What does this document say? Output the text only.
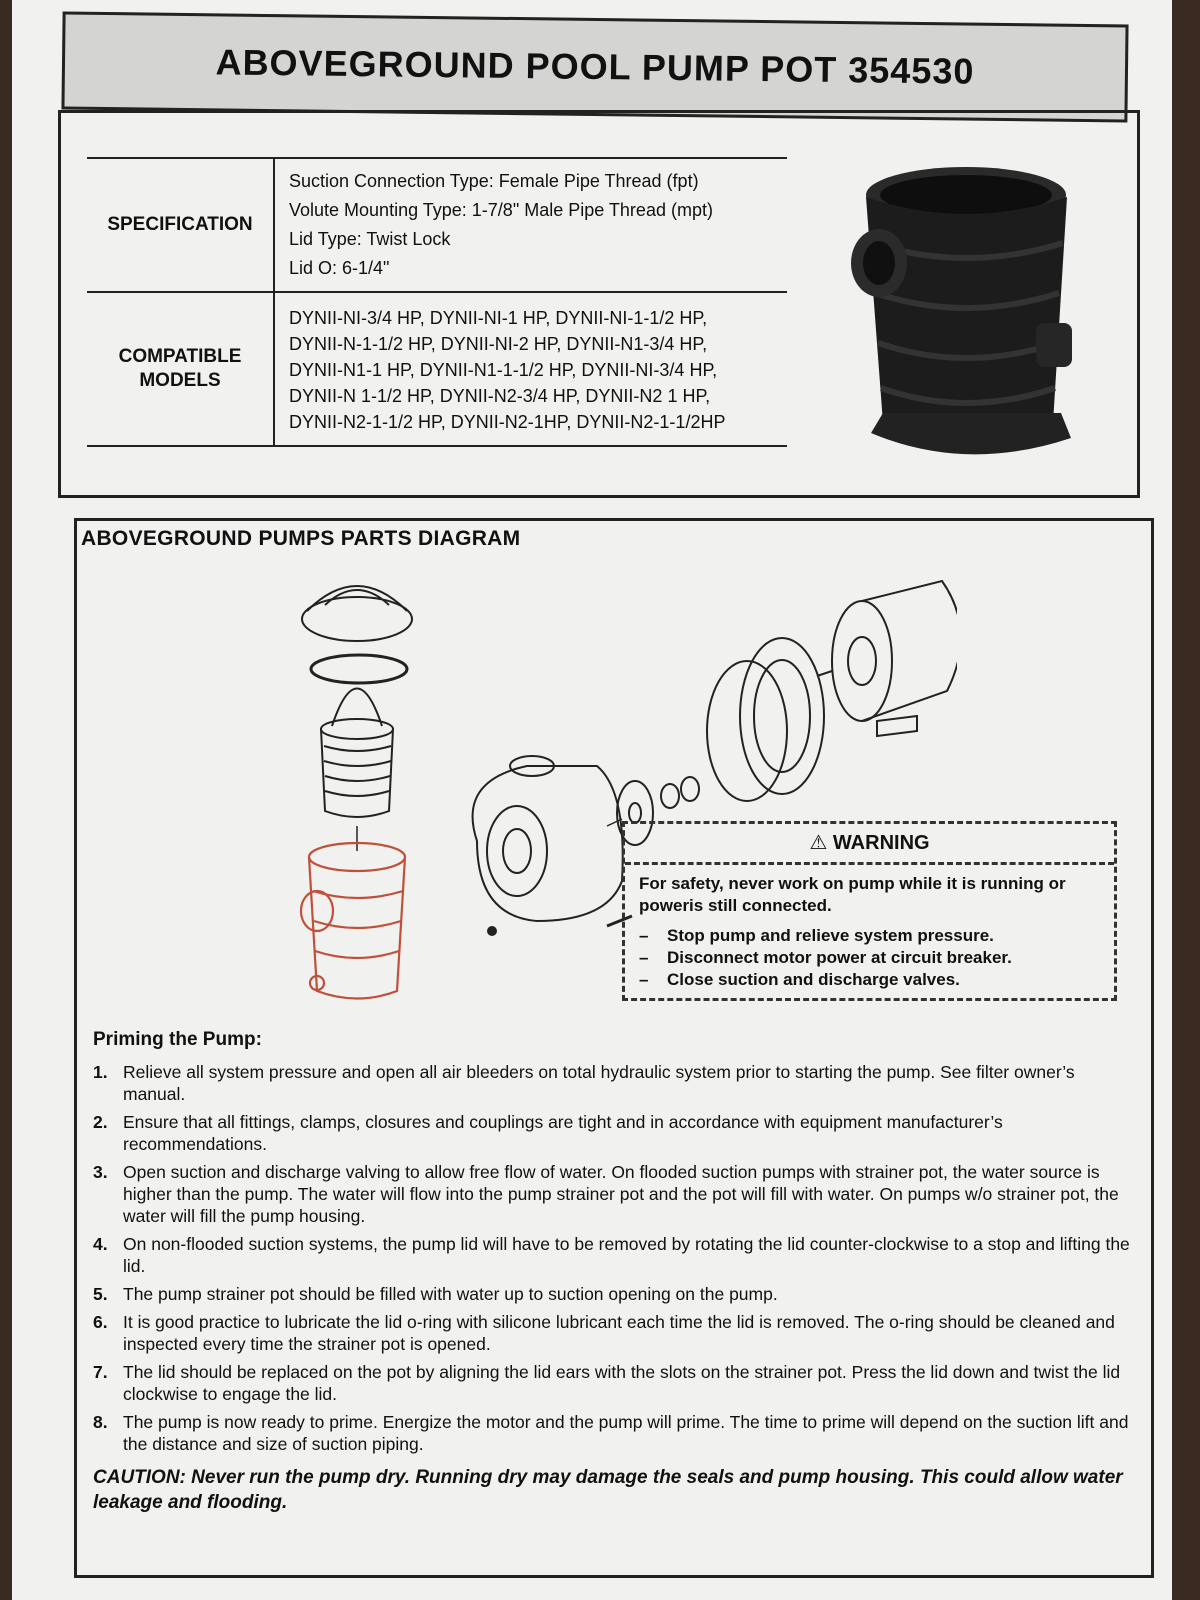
ABOVEGROUND POOL PUMP POT 354530
SPECIFICATION
Suction Connection Type: Female Pipe Thread (fpt)
Volute Mounting Type: 1-7/8" Male Pipe Thread (mpt)
Lid Type: Twist Lock
Lid O: 6-1/4"
COMPATIBLE
MODELS
DYNII-NI-3/4 HP, DYNII-NI-1 HP, DYNII-NI-1-1/2 HP,
DYNII-N-1-1/2 HP, DYNII-NI-2 HP, DYNII-N1-3/4 HP,
DYNII-N1-1 HP, DYNII-N1-1-1/2 HP, DYNII-NI-3/4 HP,
DYNII-N 1-1/2 HP, DYNII-N2-3/4 HP, DYNII-N2 1 HP,
DYNII-N2-1-1/2 HP, DYNII-N2-1HP, DYNII-N2-1-1/2HP
ABOVEGROUND PUMPS PARTS DIAGRAM
⚠ WARNING
For safety, never work on pump while it is running or poweris still connected.
– Stop pump and relieve system pressure.
– Disconnect motor power at circuit breaker.
– Close suction and discharge valves.
Priming the Pump:
1. Relieve all system pressure and open all air bleeders on total hydraulic system prior to starting the pump. See filter owner’s manual.
2. Ensure that all fittings, clamps, closures and couplings are tight and in accordance with equipment manufacturer’s recommendations.
3. Open suction and discharge valving to allow free flow of water. On flooded suction pumps with strainer pot, the water source is higher than the pump. The water will flow into the pump strainer pot and the pot will fill with water. On pumps w/o strainer pot, the water will fill the pump housing.
4. On non-flooded suction systems, the pump lid will have to be removed by rotating the lid counter-clockwise to a stop and lifting the lid.
5. The pump strainer pot should be filled with water up to suction opening on the pump.
6. It is good practice to lubricate the lid o-ring with silicone lubricant each time the lid is removed. The o-ring should be cleaned and inspected every time the strainer pot is opened.
7. The lid should be replaced on the pot by aligning the lid ears with the slots on the strainer pot. Press the lid down and twist the lid clockwise to engage the lid.
8. The pump is now ready to prime. Energize the motor and the pump will prime. The time to prime will depend on the suction lift and the distance and size of suction piping.
CAUTION: Never run the pump dry. Running dry may damage the seals and pump housing. This could allow water leakage and flooding.
